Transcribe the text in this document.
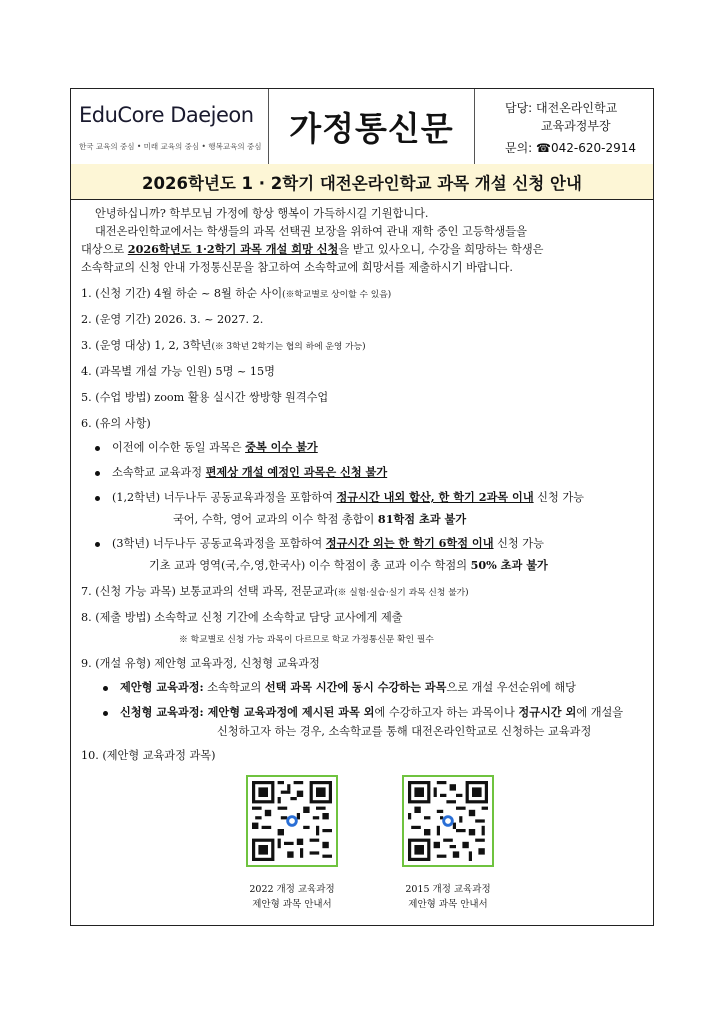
EduCore Daejeon
한국 교육의 중심 • 미래 교육의 중심 • 행복교육의 중심 가정통신문
담당: 대전온라인학교
교육과정부장
문의: ☎042-620-2914
2026학년도 1 · 2학기 대전온라인학교 과목 개설 신청 안내
안녕하십니까? 학부모님 가정에 항상 행복이 가득하시길 기원합니다.
대전온라인학교에서는 학생들의 과목 선택권 보장을 위하여 관내 재학 중인 고등학생들을
대상으로 2026학년도 1·2학기 과목 개설 희망 신청을 받고 있사오니, 수강을 희망하는 학생은
소속학교의 신청 안내 가정통신문을 참고하여 소속학교에 희망서를 제출하시기 바랍니다.
1. (신청 기간) 4월 하순 ~ 8월 하순 사이(※학교별로 상이할 수 있음)
2. (운영 기간) 2026. 3. ~ 2027. 2.
3. (운영 대상) 1, 2, 3학년(※ 3학년 2학기는 협의 하에 운영 가능)
4. (과목별 개설 가능 인원) 5명 ~ 15명
5. (수업 방법) zoom 활용 실시간 쌍방향 원격수업
6. (유의 사항)
이전에 이수한 동일 과목은 중복 이수 불가
소속학교 교육과정 편제상 개설 예정인 과목은 신청 불가
(1,2학년) 너두나두 공동교육과정을 포함하여 정규시간 내외 합산, 한 학기 2과목 이내 신청 가능
국어, 수학, 영어 교과의 이수 학점 총합이 81학점 초과 불가
(3학년) 너두나두 공동교육과정을 포함하여 정규시간 외는 한 학기 6학점 이내 신청 가능
기초 교과 영역(국,수,영,한국사) 이수 학점이 총 교과 이수 학점의 50% 초과 불가
7. (신청 가능 과목) 보통교과의 선택 과목, 전문교과(※ 실험·실습·실기 과목 신청 불가)
8. (제출 방법) 소속학교 신청 기간에 소속학교 담당 교사에게 제출
※ 학교별로 신청 가능 과목이 다르므로 학교 가정통신문 확인 필수
9. (개설 유형) 제안형 교육과정, 신청형 교육과정
제안형 교육과정: 소속학교의 선택 과목 시간에 동시 수강하는 과목으로 개설 우선순위에 해당
신청형 교육과정: 제안형 교육과정에 제시된 과목 외에 수강하고자 하는 과목이나 정규시간 외에 개설을
신청하고자 하는 경우, 소속학교를 통해 대전온라인학교로 신청하는 교육과정
10. (제안형 교육과정 과목)
2022 개정 교육과정
제안형 과목 안내서
2015 개정 교육과정
제안형 과목 안내서
